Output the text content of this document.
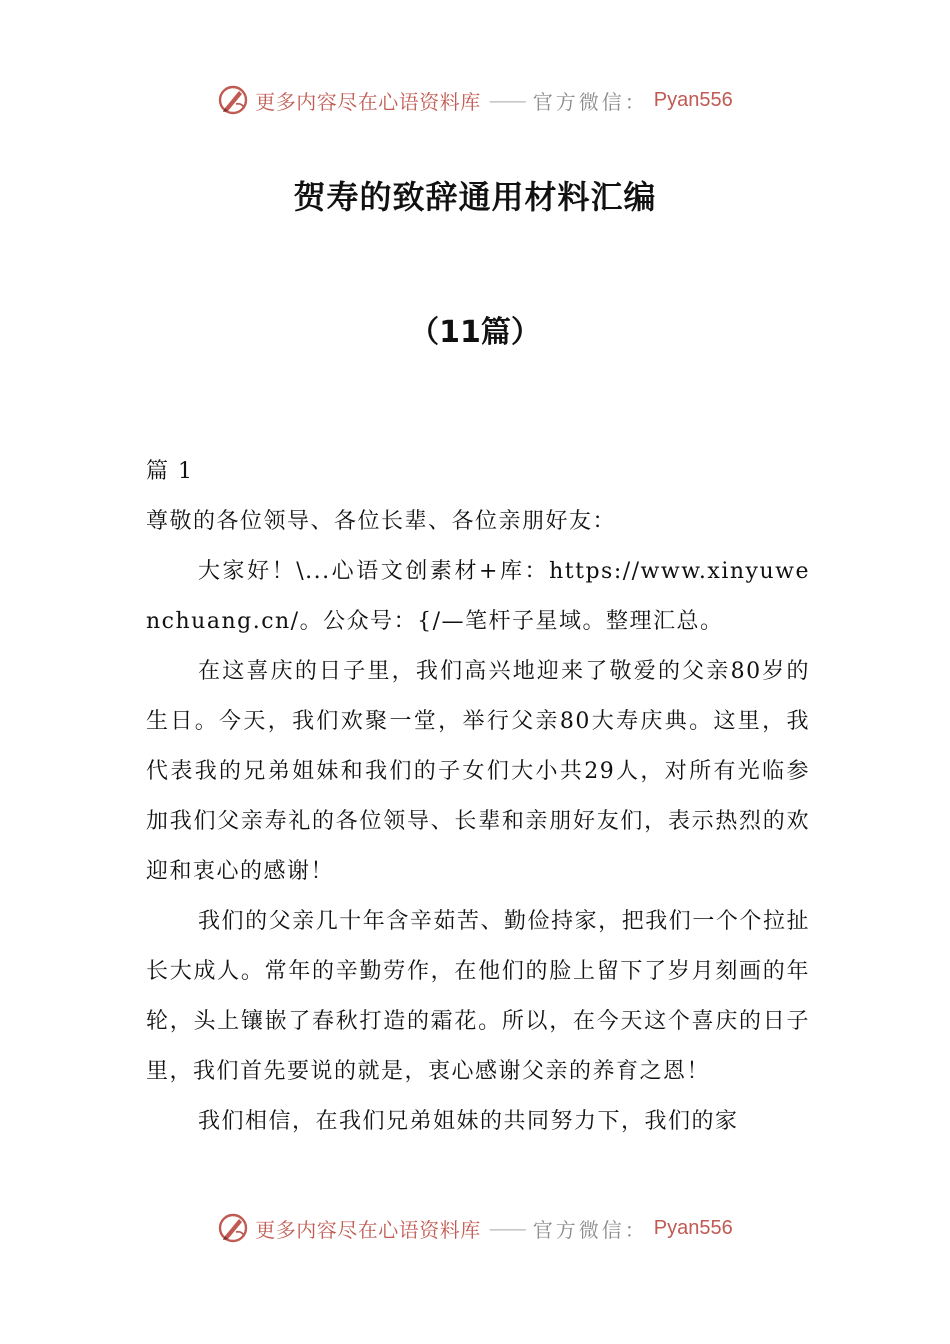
更多内容尽在心语资料库 —— 官方微信： Pyan556
贺寿的致辞通用材料汇编
（11篇）

篇 1

尊敬的各位领导、各位长辈、各位亲朋好友：

大家好！\...心语文创素材+库：https://www.xinyuwenchuang.cn/。公众号：{/—笔杆子星域。整理汇总。

在这喜庆的日子里，我们高兴地迎来了敬爱的父亲80岁的生日。今天，我们欢聚一堂，举行父亲80大寿庆典。这里，我代表我的兄弟姐妹和我们的子女们大小共29人，对所有光临参加我们父亲寿礼的各位领导、长辈和亲朋好友们，表示热烈的欢迎和衷心的感谢！

我们的父亲几十年含辛茹苦、勤俭持家，把我们一个个拉扯长大成人。常年的辛勤劳作，在他们的脸上留下了岁月刻画的年轮，头上镶嵌了春秋打造的霜花。所以，在今天这个喜庆的日子里，我们首先要说的就是，衷心感谢父亲的养育之恩！

我们相信，在我们兄弟姐妹的共同努力下，我们的家

更多内容尽在心语资料库 —— 官方微信： Pyan556
